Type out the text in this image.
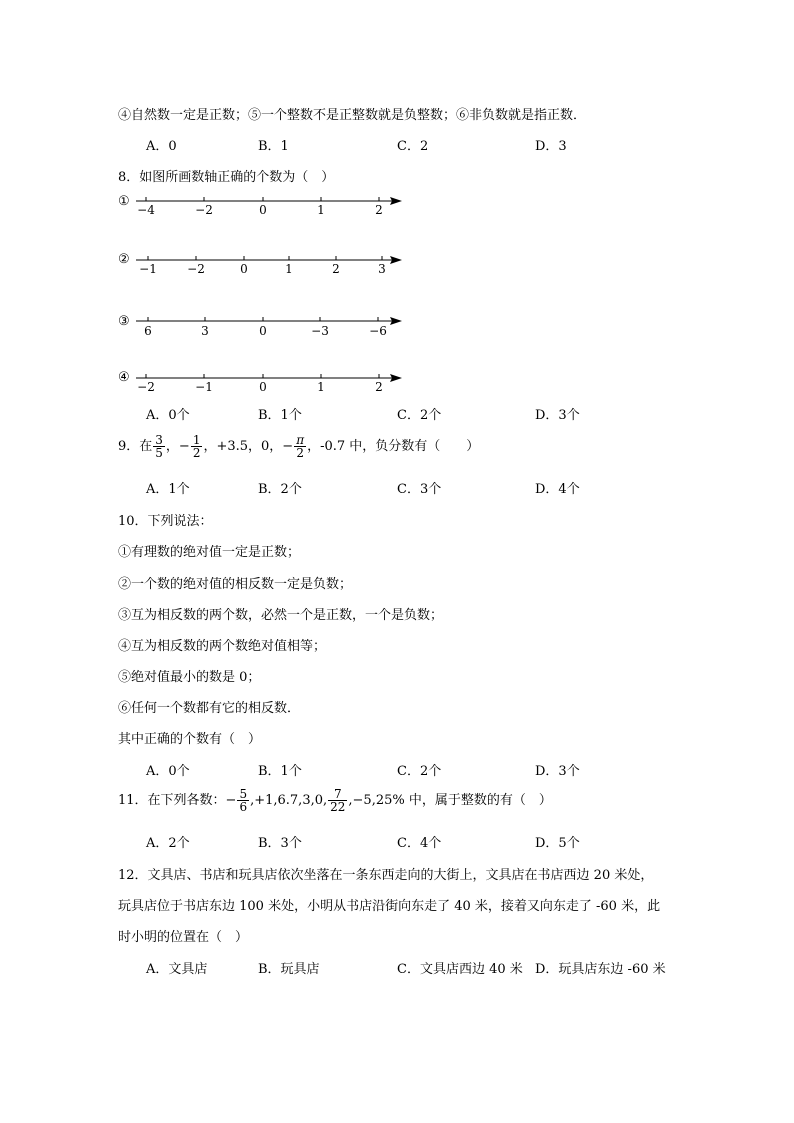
④自然数一定是正数；⑤一个整数不是正整数就是负整数；⑥非负数就是指正数．
A．0	B．1	C．2	D．3
8．如图所画数轴正确的个数为（　）
①
−4	−2	0	1	2
②
−1	−2	0	1	2	3
③
6	3	0	−3	−6
④
−2	−1	0	1	2
A．0个	B．1个	C．2个	D．3个
9．在 $\frac{3}{5}$ ，− $\frac{1}{2}$ ，+3.5，0，− $\frac{\pi}{2}$ ，-0.7 中，负分数有（　　）
A．1个	B．2个	C．3个	D．4个
10．下列说法：
①有理数的绝对值一定是正数；
②一个数的绝对值的相反数一定是负数；
③互为相反数的两个数，必然一个是正数，一个是负数；
④互为相反数的两个数绝对值相等；
⑤绝对值最小的数是 0；
⑥任何一个数都有它的相反数．
其中正确的个数有（　）
A．0个	B．1个	C．2个	D．3个
11．在下列各数：− $\frac{5}{6} ,+1,6.7,3,0$, $\frac{7}{22} ,-5,25\%$ 中，属于整数的有（　）
A．2个	B．3个	C．4个	D．5个
12．文具店、书店和玩具店依次坐落在一条东西走向的大街上，文具店在书店西边 20 米处，
玩具店位于书店东边 100 米处，小明从书店沿街向东走了 40 米，接着又向东走了 -60 米，此
时小明的位置在（　）
A．文具店	B．玩具店	C．文具店西边 40 米 D．玩具店东边 -60 米
